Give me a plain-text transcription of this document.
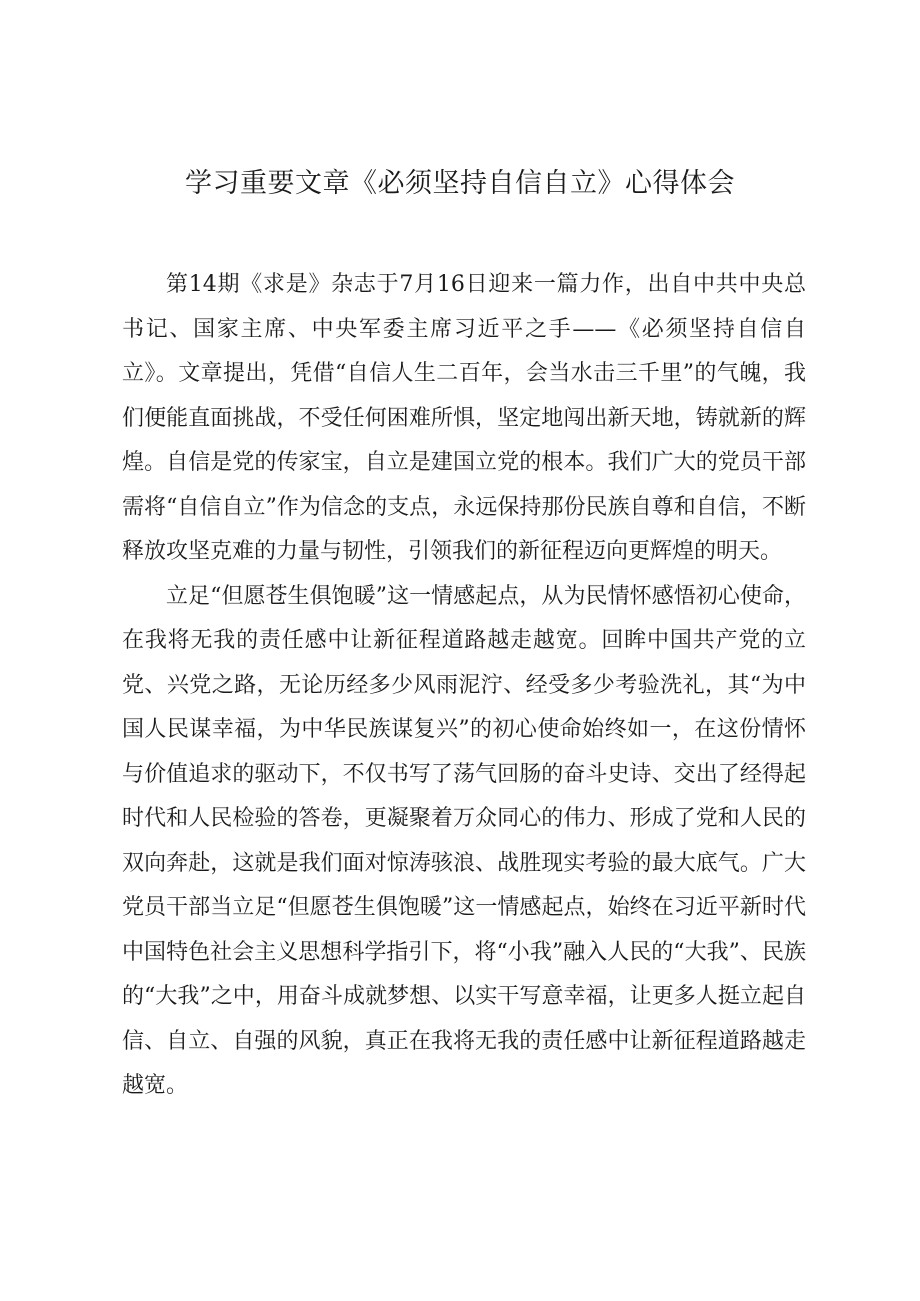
学习重要文章《必须坚持自信自立》心得体会

第14期《求是》杂志于7月16日迎来一篇力作，出自中共中央总书记、国家主席、中央军委主席习近平之手——《必须坚持自信自立》。文章提出，凭借“自信人生二百年，会当水击三千里”的气魄，我们便能直面挑战，不受任何困难所惧，坚定地闯出新天地，铸就新的辉煌。自信是党的传家宝，自立是建国立党的根本。我们广大的党员干部需将“自信自立”作为信念的支点，永远保持那份民族自尊和自信，不断释放攻坚克难的力量与韧性，引领我们的新征程迈向更辉煌的明天。

立足“但愿苍生俱饱暖”这一情感起点，从为民情怀感悟初心使命，在我将无我的责任感中让新征程道路越走越宽。回眸中国共产党的立党、兴党之路，无论历经多少风雨泥泞、经受多少考验洗礼，其“为中国人民谋幸福，为中华民族谋复兴”的初心使命始终如一，在这份情怀与价值追求的驱动下，不仅书写了荡气回肠的奋斗史诗、交出了经得起时代和人民检验的答卷，更凝聚着万众同心的伟力、形成了党和人民的双向奔赴，这就是我们面对惊涛骇浪、战胜现实考验的最大底气。广大党员干部当立足“但愿苍生俱饱暖”这一情感起点，始终在习近平新时代中国特色社会主义思想科学指引下，将“小我”融入人民的“大我”、民族的“大我”之中，用奋斗成就梦想、以实干写意幸福，让更多人挺立起自信、自立、自强的风貌，真正在我将无我的责任感中让新征程道路越走越宽。
